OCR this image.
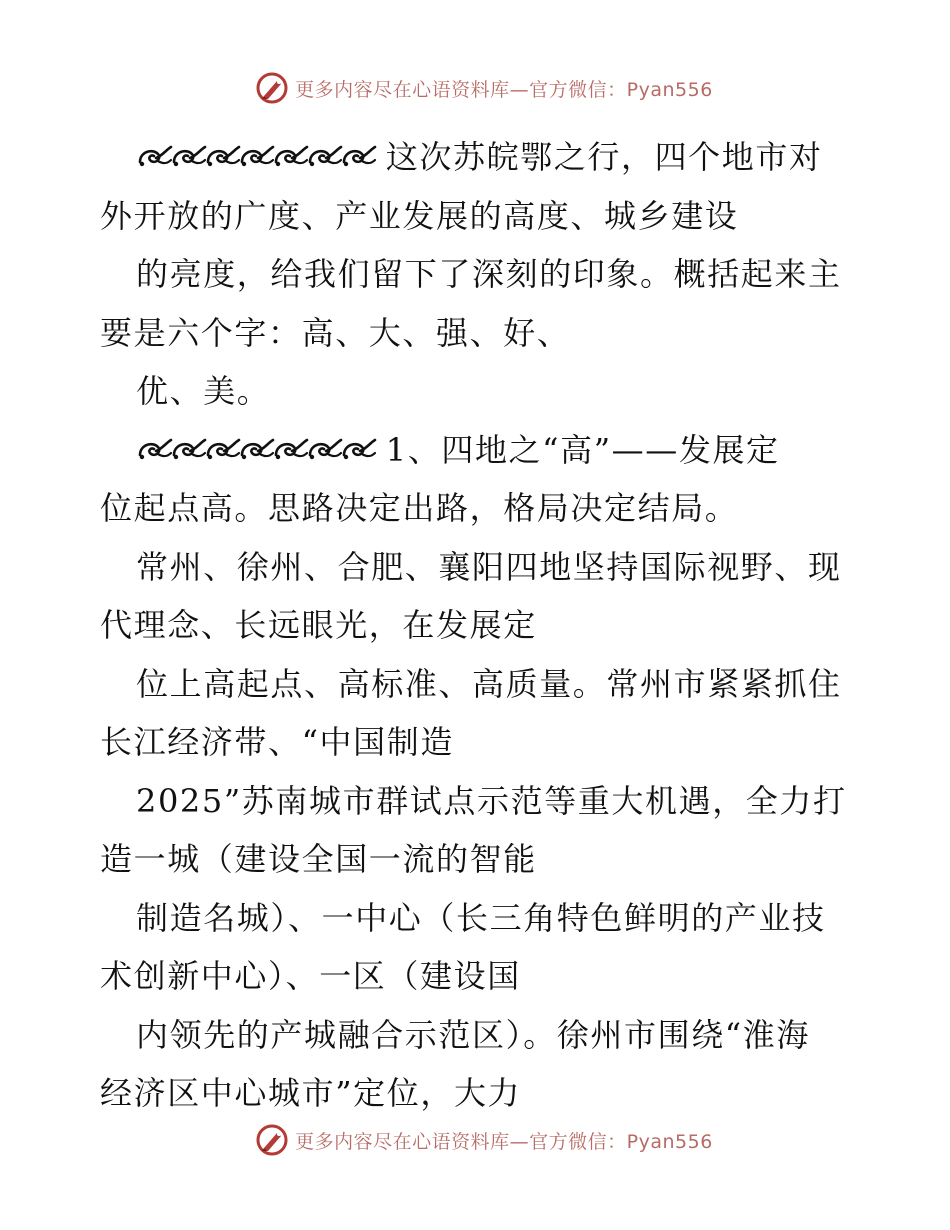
更多内容尽在心语资料库—官方微信：Pyan556
这次苏皖鄂之行，四个地市对
外开放的广度、产业发展的高度、城乡建设
的亮度，给我们留下了深刻的印象。概括起来主
要是六个字：高、大、强、好、
优、美。
1、四地之“高”——发展定
位起点高。思路决定出路，格局决定结局。
常州、徐州、合肥、襄阳四地坚持国际视野、现
代理念、长远眼光，在发展定
位上高起点、高标准、高质量。常州市紧紧抓住
长江经济带、“中国制造
2025”苏南城市群试点示范等重大机遇，全力打
造一城（建设全国一流的智能
制造名城）、一中心（长三角特色鲜明的产业技
术创新中心）、一区（建设国
内领先的产城融合示范区）。徐州市围绕“淮海
经济区中心城市”定位，大力
更多内容尽在心语资料库—官方微信：Pyan556
